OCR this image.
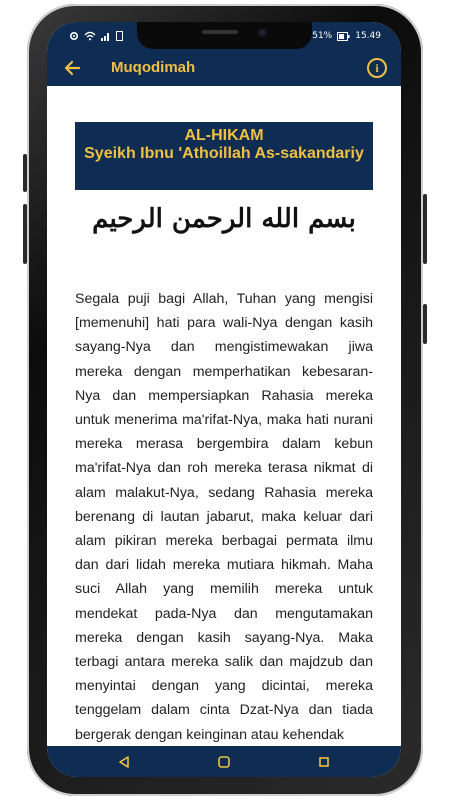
51%	15.49
Muqodimah	i
AL-HIKAM
Syeikh Ibnu 'Athoillah As-sakandariy
بسم الله الرحمن الرحيم

Segala puji bagi Allah, Tuhan yang mengisi [memenuhi] hati para wali-Nya dengan kasih sayang-Nya dan mengistimewakan jiwa mereka dengan memperhatikan kebesaran-Nya dan mempersiapkan Rahasia mereka untuk menerima ma'rifat-Nya, maka hati nurani mereka merasa bergembira dalam kebun ma'rifat-Nya dan roh mereka terasa nikmat di alam malakut-Nya, sedang Rahasia mereka berenang di lautan jabarut, maka keluar dari alam pikiran mereka berbagai permata ilmu dan dari lidah mereka mutiara hikmah. Maha suci Allah yang memilih mereka untuk mendekat pada-Nya dan mengutamakan mereka dengan kasih sayang-Nya. Maka terbagi antara mereka salik dan majdzub dan menyintai dengan yang dicintai, mereka tenggelam dalam cinta Dzat-Nya dan tiada bergerak dengan keinginan atau kehendak
